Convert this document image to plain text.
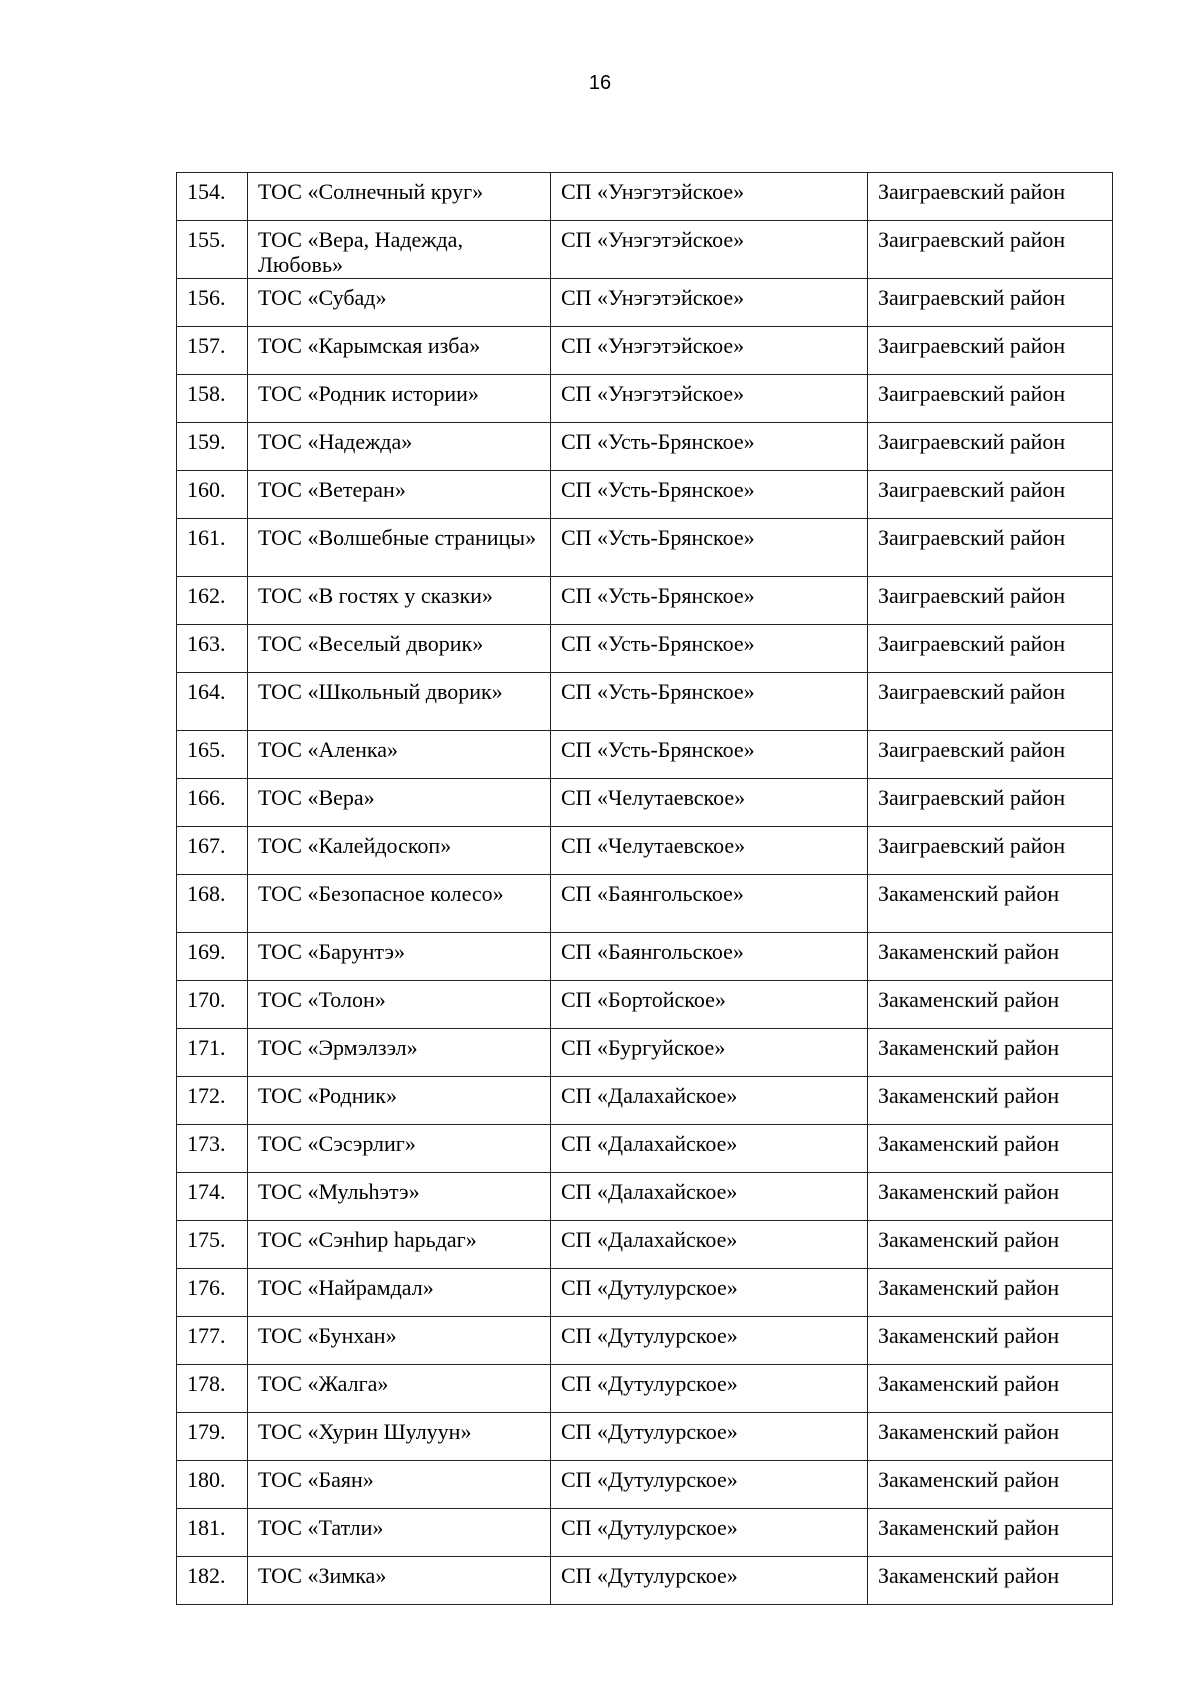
16
154.	ТОС «Солнечный круг»	СП «Унэгэтэйское»	Заиграевский район
155.	ТОС «Вера, Надежда, Любовь»	СП «Унэгэтэйское»	Заиграевский район
156.	ТОС «Субад»	СП «Унэгэтэйское»	Заиграевский район
157.	ТОС «Карымская изба»	СП «Унэгэтэйское»	Заиграевский район
158.	ТОС «Родник истории»	СП «Унэгэтэйское»	Заиграевский район
159.	ТОС «Надежда»	СП «Усть-Брянское»	Заиграевский район
160.	ТОС «Ветеран»	СП «Усть-Брянское»	Заиграевский район
161.	ТОС «Волшебные страницы»	СП «Усть-Брянское»	Заиграевский район
162.	ТОС «В гостях у сказки»	СП «Усть-Брянское»	Заиграевский район
163.	ТОС «Веселый дворик»	СП «Усть-Брянское»	Заиграевский район
164.	ТОС «Школьный дворик»	СП «Усть-Брянское»	Заиграевский район
165.	ТОС «Аленка»	СП «Усть-Брянское»	Заиграевский район
166.	ТОС «Вера»	СП «Челутаевское»	Заиграевский район
167.	ТОС «Калейдоскоп»	СП «Челутаевское»	Заиграевский район
168.	ТОС «Безопасное колесо»	СП «Баянгольское»	Закаменский район
169.	ТОС «Барунтэ»	СП «Баянгольское»	Закаменский район
170.	ТОС «Толон»	СП «Бортойское»	Закаменский район
171.	ТОС «Эрмэлзэл»	СП «Бургуйское»	Закаменский район
172.	ТОС «Родник»	СП «Далахайское»	Закаменский район
173.	ТОС «Сэсэрлиг»	СП «Далахайское»	Закаменский район
174.	ТОС «Мульhэтэ»	СП «Далахайское»	Закаменский район
175.	ТОС «Сэнhир hарьдаг»	СП «Далахайское»	Закаменский район
176.	ТОС «Найрамдал»	СП «Дутулурское»	Закаменский район
177.	ТОС «Бунхан»	СП «Дутулурское»	Закаменский район
178.	ТОС «Жалга»	СП «Дутулурское»	Закаменский район
179.	ТОС «Хурин Шулуун»	СП «Дутулурское»	Закаменский район
180.	ТОС «Баян»	СП «Дутулурское»	Закаменский район
181.	ТОС «Татли»	СП «Дутулурское»	Закаменский район
182.	ТОС «Зимка»	СП «Дутулурское»	Закаменский район
